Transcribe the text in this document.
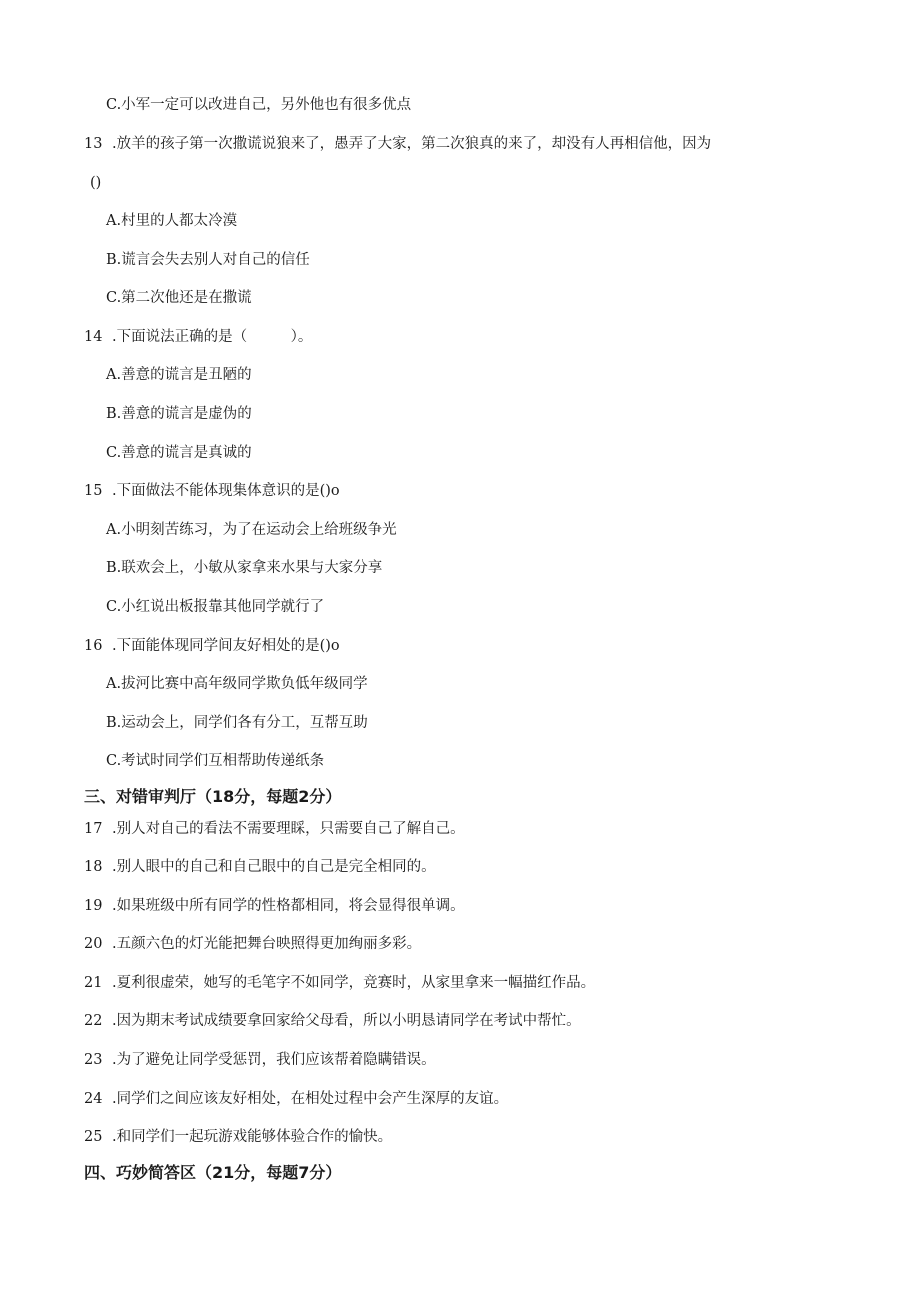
C.小军一定可以改进自己，另外他也有很多优点
13 .放羊的孩子第一次撒谎说狼来了，愚弄了大家，第二次狼真的来了，却没有人再相信他，因为
()
A.村里的人都太冷漠
B.谎言会失去别人对自己的信任
C.第二次他还是在撒谎
14 .下面说法正确的是（　　　）。
A.善意的谎言是丑陋的
B.善意的谎言是虚伪的
C.善意的谎言是真诚的
15 .下面做法不能体现集体意识的是()o
A.小明刻苦练习，为了在运动会上给班级争光
B.联欢会上，小敏从家拿来水果与大家分享
C.小红说出板报靠其他同学就行了
16 .下面能体现同学间友好相处的是()o
A.拔河比赛中高年级同学欺负低年级同学
B.运动会上，同学们各有分工，互帮互助
C.考试时同学们互相帮助传递纸条
三、对错审判厅（18分，每题2分）
17 .别人对自己的看法不需要理睬，只需要自己了解自己。
18 .别人眼中的自己和自己眼中的自己是完全相同的。
19 .如果班级中所有同学的性格都相同，将会显得很单调。
20 .五颜六色的灯光能把舞台映照得更加绚丽多彩。
21 .夏利很虚荣，她写的毛笔字不如同学，竞赛时，从家里拿来一幅描红作品。
22 .因为期末考试成绩要拿回家给父母看，所以小明恳请同学在考试中帮忙。
23 .为了避免让同学受惩罚，我们应该帮着隐瞒错误。
24 .同学们之间应该友好相处，在相处过程中会产生深厚的友谊。
25 .和同学们一起玩游戏能够体验合作的愉快。
四、巧妙简答区（21分，每题7分）
